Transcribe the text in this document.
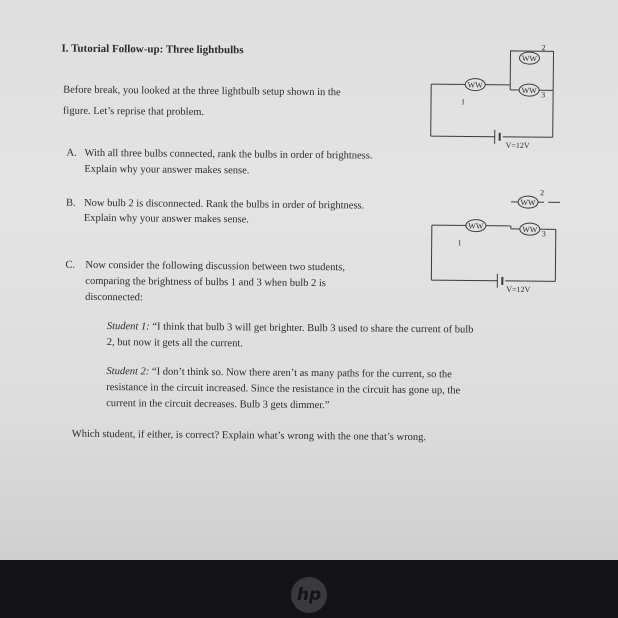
I. Tutorial Follow-up: Three lightbulbs
Before break, you looked at the three lightbulb setup shown in the
figure. Let’s reprise that problem.
A. With all three bulbs connected, rank the bulbs in order of brightness.
Explain why your answer makes sense.
B. Now bulb 2 is disconnected. Rank the bulbs in order of brightness.
Explain why your answer makes sense.
C. Now consider the following discussion between two students,
comparing the brightness of bulbs 1 and 3 when bulb 2 is
disconnected:
Student 1: “I think that bulb 3 will get brighter. Bulb 3 used to share the current of bulb
2, but now it gets all the current.
Student 2: “I don’t think so. Now there aren’t as many paths for the current, so the
resistance in the circuit increased. Since the resistance in the circuit has gone up, the
current in the circuit decreases. Bulb 3 gets dimmer.”
Which student, if either, is correct? Explain what’s wrong with the one that’s wrong.
WW
1
WW
2
WW 3
V=12V
WW
1
WW
2
WW 3
V=12V
hp
